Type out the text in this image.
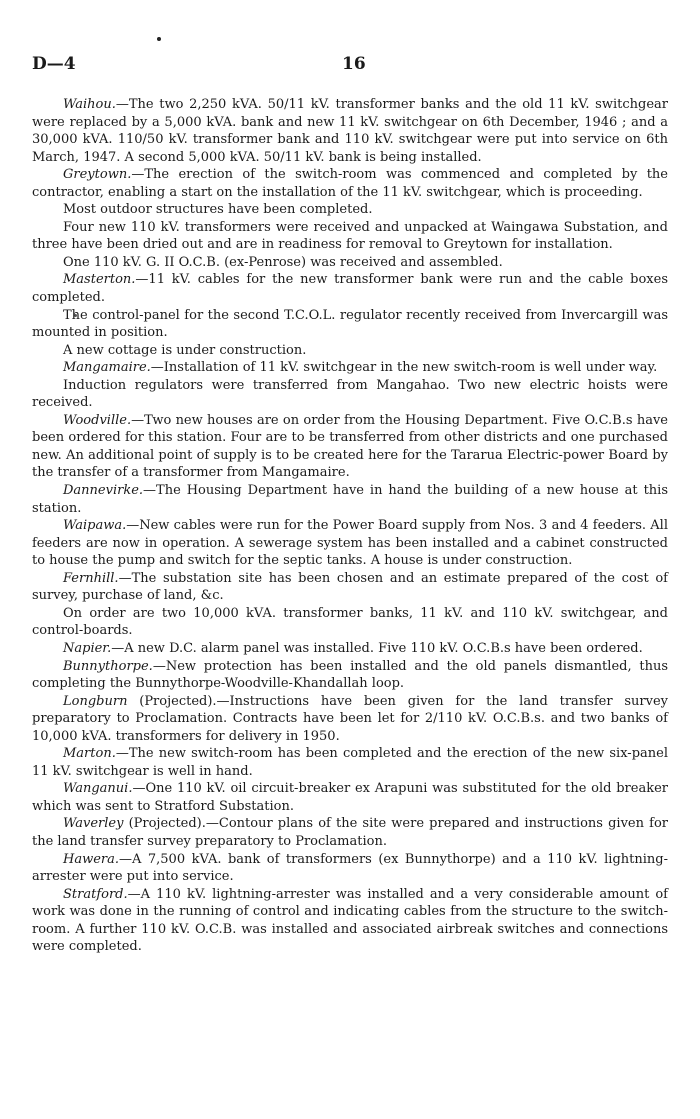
D—4	16

Waihou.—The two 2,250 kVA. 50/11 kV. transformer banks and the old 11 kV. switchgear were replaced by a 5,000 kVA. bank and new 11 kV. switchgear on 6th December, 1946 ; and a 30,000 kVA. 110/50 kV. transformer bank and 110 kV. switchgear were put into service on 6th March, 1947. A second 5,000 kVA. 50/11 kV. bank is being installed.

Greytown.—The erection of the switch-room was commenced and completed by the contractor, enabling a start on the installation of the 11 kV. switchgear, which is proceeding.

Most outdoor structures have been completed.

Four new 110 kV. transformers were received and unpacked at Waingawa Substation, and three have been dried out and are in readiness for removal to Greytown for installation.

One 110 kV. G. II O.C.B. (ex-Penrose) was received and assembled.

Masterton.—11 kV. cables for the new transformer bank were run and the cable boxes completed.

The control-panel for the second T.C.O.L. regulator recently received from Invercargill was mounted in position.

A new cottage is under construction.

Mangamaire.—Installation of 11 kV. switchgear in the new switch-room is well under way.

Induction regulators were transferred from Mangahao. Two new electric hoists were received.

Woodville.—Two new houses are on order from the Housing Department. Five O.C.B.s have been ordered for this station. Four are to be transferred from other districts and one purchased new. An additional point of supply is to be created here for the Tararua Electric-power Board by the transfer of a transformer from Mangamaire.

Dannevirke.—The Housing Department have in hand the building of a new house at this station.

Waipawa.—New cables were run for the Power Board supply from Nos. 3 and 4 feeders. All feeders are now in operation. A sewerage system has been installed and a cabinet constructed to house the pump and switch for the septic tanks. A house is under construction.

Fernhill.—The substation site has been chosen and an estimate prepared of the cost of survey, purchase of land, &c.

On order are two 10,000 kVA. transformer banks, 11 kV. and 110 kV. switchgear, and control-boards.

Napier.—A new D.C. alarm panel was installed. Five 110 kV. O.C.B.s have been ordered.

Bunnythorpe.—New protection has been installed and the old panels dismantled, thus completing the Bunnythorpe-Woodville-Khandallah loop.

Longburn (Projected).—Instructions have been given for the land transfer survey preparatory to Proclamation. Contracts have been let for 2/110 kV. O.C.B.s. and two banks of 10,000 kVA. transformers for delivery in 1950.

Marton.—The new switch-room has been completed and the erection of the new six-panel 11 kV. switchgear is well in hand.

Wanganui.—One 110 kV. oil circuit-breaker ex Arapuni was substituted for the old breaker which was sent to Stratford Substation.

Waverley (Projected).—Contour plans of the site were prepared and instructions given for the land transfer survey preparatory to Proclamation.

Hawera.—A 7,500 kVA. bank of transformers (ex Bunnythorpe) and a 110 kV. lightning-arrester were put into service.

Stratford.—A 110 kV. lightning-arrester was installed and a very considerable amount of work was done in the running of control and indicating cables from the structure to the switch-room. A further 110 kV. O.C.B. was installed and associated airbreak switches and connections were completed.
